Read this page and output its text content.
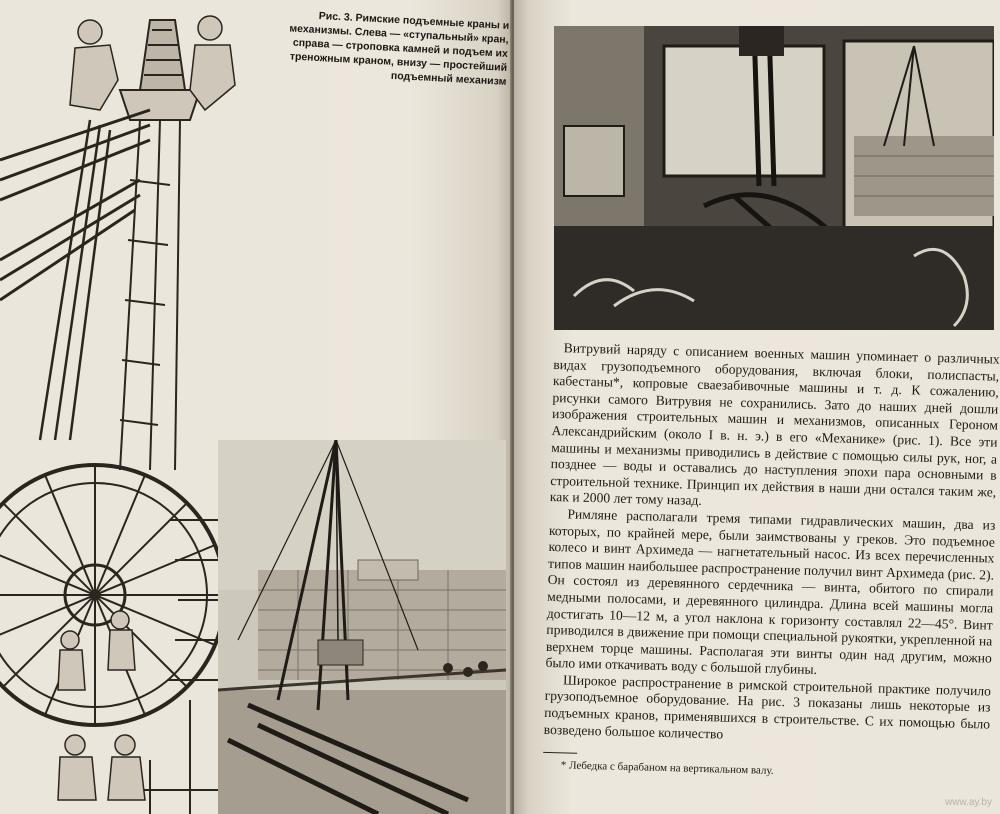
Рис. 3. Римские подъемные краны и механизмы. Слева — «ступальный» кран, справа — строповка камней и подъем их треножным краном, внизу — простейший подъемный механизм

Витрувий наряду с описанием военных машин упоминает о различных видах грузоподъемного оборудования, включая блоки, полиспасты, кабестаны*, копровые сваезабивочные машины и т. д. К сожалению, рисунки самого Витрувия не сохранились. Зато до наших дней дошли изображения строительных машин и механизмов, описанных Героном Александрийским (около I в. н. э.) в его «Механике» (рис. 1). Все эти машины и механизмы приводились в действие с помощью силы рук, ног, а позднее — воды и оставались до наступления эпохи пара основными в строительной технике. Принцип их действия в наши дни остался таким же, как и 2000 лет тому назад.

Римляне располагали тремя типами гидравлических машин, два из которых, по крайней мере, были заимствованы у греков. Это подъемное колесо и винт Архимеда — нагнетательный насос. Из всех перечисленных типов машин наибольшее распространение получил винт Архимеда (рис. 2). Он состоял из деревянного сердечника — винта, обитого по спирали медными полосами, и деревянного цилиндра. Длина всей машины могла достигать 10—12 м, а угол наклона к горизонту составлял 22—45°. Винт приводился в движение при помощи специальной рукоятки, укрепленной на верхнем торце машины. Располагая эти винты один над другим, можно было ими откачивать воду с большой глубины.

Широкое распространение в римской строительной практике получило грузоподъемное оборудование. На рис. 3 показаны лишь некоторые из подъемных кранов, применявшихся в строительстве. С их помощью было возведено большое количество

* Лебедка с барабаном на вертикальном валу.

www.ay.by
